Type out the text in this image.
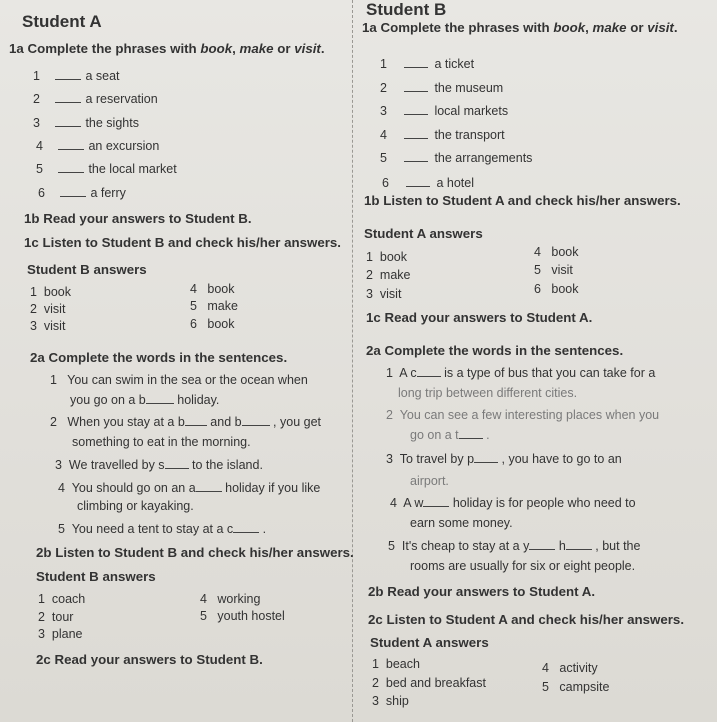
Student A
1a Complete the phrases with book, make or visit.
1	a seat
2	a reservation
3	the sights
4	an excursion
5	the local market
6	a ferry
1b Read your answers to Student B.
1c Listen to Student B and check his/her answers.
Student B answers
1 book	4 book
2 visit	5 make
3 visit	6 book
2a Complete the words in the sentences.
1 You can swim in the sea or the ocean when
you go on a b holiday.
2 When you stay at a b and b , you get
something to eat in the morning.
3 We travelled by s to the island.
4 You should go on an a holiday if you like
climbing or kayaking.
5 You need a tent to stay at a c .
2b Listen to Student B and check his/her answers.
Student B answers
1 coach	4 working
2 tour	5 youth hostel
3 plane
2c Read your answers to Student B.
Student B
1a Complete the phrases with book, make or visit.
1	a ticket
2	the museum
3	local markets
4	the transport
5	the arrangements
6	a hotel
1b Listen to Student A and check his/her answers.
Student A answers
1 book	4 book
2 make	5 visit
3 visit	6 book
1c Read your answers to Student A.
2a Complete the words in the sentences.
1 A c is a type of bus that you can take for a
long trip between different cities.
2 You can see a few interesting places when you
go on a t .
3 To travel by p , you have to go to an
airport.
4 A w holiday is for people who need to
earn some money.
5 It's cheap to stay at a y h , but the
rooms are usually for six or eight people.
2b Read your answers to Student A.
2c Listen to Student A and check his/her answers.
Student A answers
1 beach	4 activity
2 bed and breakfast	5 campsite
3 ship
